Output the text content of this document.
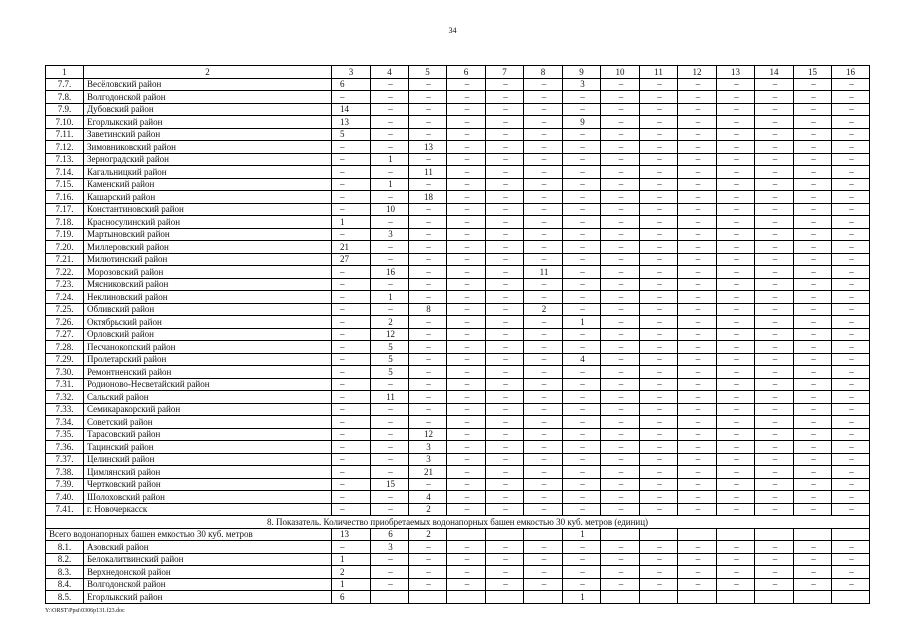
34
1	2	3	4	5	6	7	8	9	10	11	12	13	14	15	16
7.7.	Весёловский район	6	–	–	–	–	–	3	–	–	–	–	–	–	–
7.8.	Волгодонской район	–	–	–	–	–	–	–	–	–	–	–	–	–	–
7.9.	Дубовский район	14	–	–	–	–	–	–	–	–	–	–	–	–	–
7.10.	Егорлыкский район	13	–	–	–	–	–	9	–	–	–	–	–	–	–
7.11.	Заветинский район	5	–	–	–	–	–	–	–	–	–	–	–	–	–
7.12.	Зимовниковский район	–	–	13	–	–	–	–	–	–	–	–	–	–	–
7.13.	Зерноградский район	–	1	–	–	–	–	–	–	–	–	–	–	–	–
7.14.	Кагальницкий район	–	–	11	–	–	–	–	–	–	–	–	–	–	–
7.15.	Каменский район	–	1	–	–	–	–	–	–	–	–	–	–	–	–
7.16.	Кашарский район	–	–	18	–	–	–	–	–	–	–	–	–	–	–
7.17.	Константиновский район	–	10	–	–	–	–	–	–	–	–	–	–	–	–
7.18.	Красносулинский район	1	–	–	–	–	–	–	–	–	–	–	–	–	–
7.19.	Мартыновский район	–	3	–	–	–	–	–	–	–	–	–	–	–	–
7.20.	Миллеровский район	21	–	–	–	–	–	–	–	–	–	–	–	–	–
7.21.	Милютинский район	27	–	–	–	–	–	–	–	–	–	–	–	–	–
7.22.	Морозовский район	–	16	–	–	–	11	–	–	–	–	–	–	–	–
7.23.	Мясниковский район	–	–	–	–	–	–	–	–	–	–	–	–	–	–
7.24.	Неклиновский район	–	1	–	–	–	–	–	–	–	–	–	–	–	–
7.25.	Обливский район	–	–	8	–	–	2	–	–	–	–	–	–	–	–
7.26.	Октябрьский район	–	2	–	–	–	–	1	–	–	–	–	–	–	–
7.27.	Орловский район	–	12	–	–	–	–	–	–	–	–	–	–	–	–
7.28.	Песчанокопский район	–	5	–	–	–	–	–	–	–	–	–	–	–	–
7.29.	Пролетарский район	–	5	–	–	–	–	4	–	–	–	–	–	–	–
7.30.	Ремонтненский район	–	5	–	–	–	–	–	–	–	–	–	–	–	–
7.31.	Родионово-Несветайский район	–	–	–	–	–	–	–	–	–	–	–	–	–	–
7.32.	Сальский район	–	11	–	–	–	–	–	–	–	–	–	–	–	–
7.33.	Семикаракорский район	–	–	–	–	–	–	–	–	–	–	–	–	–	–
7.34.	Советский район	–	–	–	–	–	–	–	–	–	–	–	–	–	–
7.35.	Тарасовский район	–	–	12	–	–	–	–	–	–	–	–	–	–	–
7.36.	Тацинский район	–	–	3	–	–	–	–	–	–	–	–	–	–	–
7.37.	Целинский район	–	–	3	–	–	–	–	–	–	–	–	–	–	–
7.38.	Цимлянский район	–	–	21	–	–	–	–	–	–	–	–	–	–	–
7.39.	Чертковский район	–	15	–	–	–	–	–	–	–	–	–	–	–	–
7.40.	Шолоховский район	–	–	4	–	–	–	–	–	–	–	–	–	–	–
7.41.	г. Новочеркасск	–	–	2	–	–	–	–	–	–	–	–	–	–	–
8. Показатель. Количество приобретаемых водонапорных башен емкостью 30 куб. метров (единиц)															
Всего водонапорных башен емкостью 30 куб. метров		13	6	2				1							
8.1.	Азовский район	–	3	–	–	–	–	–	–	–	–	–	–	–	–
8.2.	Белокалитвинский район	1	–	–	–	–	–	–	–	–	–	–	–	–	–
8.3.	Верхнедонской район	2	–	–	–	–	–	–	–	–	–	–	–	–	–
8.4.	Волгодонской район	1	–	–	–	–	–	–	–	–	–	–	–	–	–
8.5.	Егорлыкский район	6						1							
Y:\ORST\Ppsi\0306p131.f23.doc
